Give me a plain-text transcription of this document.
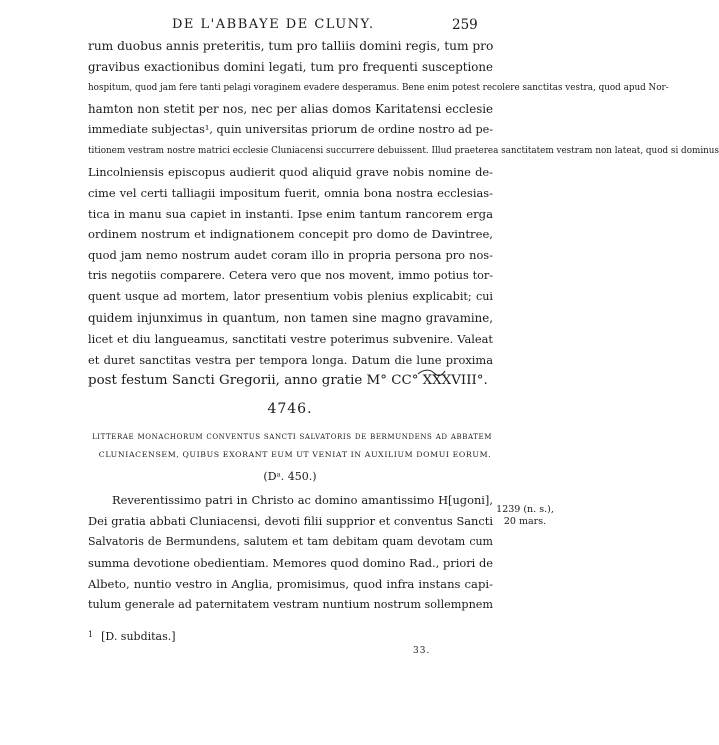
DE L'ABBAYE DE CLUNY.	259
rum duobus annis preteritis, tum pro talliis domini regis, tum pro
gravibus exactionibus domini legati, tum pro frequenti susceptione
hospitum, quod jam fere tanti pelagi voraginem evadere desperamus. Bene enim potest recolere sanctitas vestra, quod apud Nor-
hamton non stetit per nos, nec per alias domos Karitatensi ecclesie
immediate subjectas¹, quin universitas priorum de ordine nostro ad pe-
titionem vestram nostre matrici ecclesie Cluniacensi succurrere debuissent. Illud praeterea sanctitatem vestram non lateat, quod si dominus
Lincolniensis episcopus audierit quod aliquid grave nobis nomine de-
cime vel certi talliagii impositum fuerit, omnia bona nostra ecclesias-
tica in manu sua capiet in instanti. Ipse enim tantum rancorem erga
ordinem nostrum et indignationem concepit pro domo de Davintree,
quod jam nemo nostrum audet coram illo in propria persona pro nos-
tris negotiis comparere. Cetera vero que nos movent, immo potius tor-
quent usque ad mortem, lator presentium vobis plenius explicabit; cui
quidem injunximus in quantum, non tamen sine magno gravamine,
licet et diu langueamus, sanctitati vestre poterimus subvenire. Valeat
et duret sanctitas vestra per tempora longa. Datum die lune proxima
post festum Sancti Gregorii, anno gratie M° CC° XXXVIII°.
4746.
LITTERAE MONACHORUM CONVENTUS SANCTI SALVATORIS DE BERMUNDENS AD ABBATEM
CLUNIACENSEM, QUIBUS EXORANT EUM UT VENIAT IN AUXILIUM DOMUI EORUM.
(Dᵃ. 450.)
Reverentissimo patri in Christo ac domino amantissimo H[ugoni],
Dei gratia abbati Cluniacensi, devoti filii supprior et conventus Sancti
Salvatoris de Bermundens, salutem et tam debitam quam devotam cum
summa devotione obedientiam. Memores quod domino Rad., priori de
Albeto, nuntio vestro in Anglia, promisimus, quod infra instans capi-
tulum generale ad paternitatem vestram nuntium nostrum sollempnem
1239 (n. s.),
20 mars.
$^1$ [D. subditas.]
33.
